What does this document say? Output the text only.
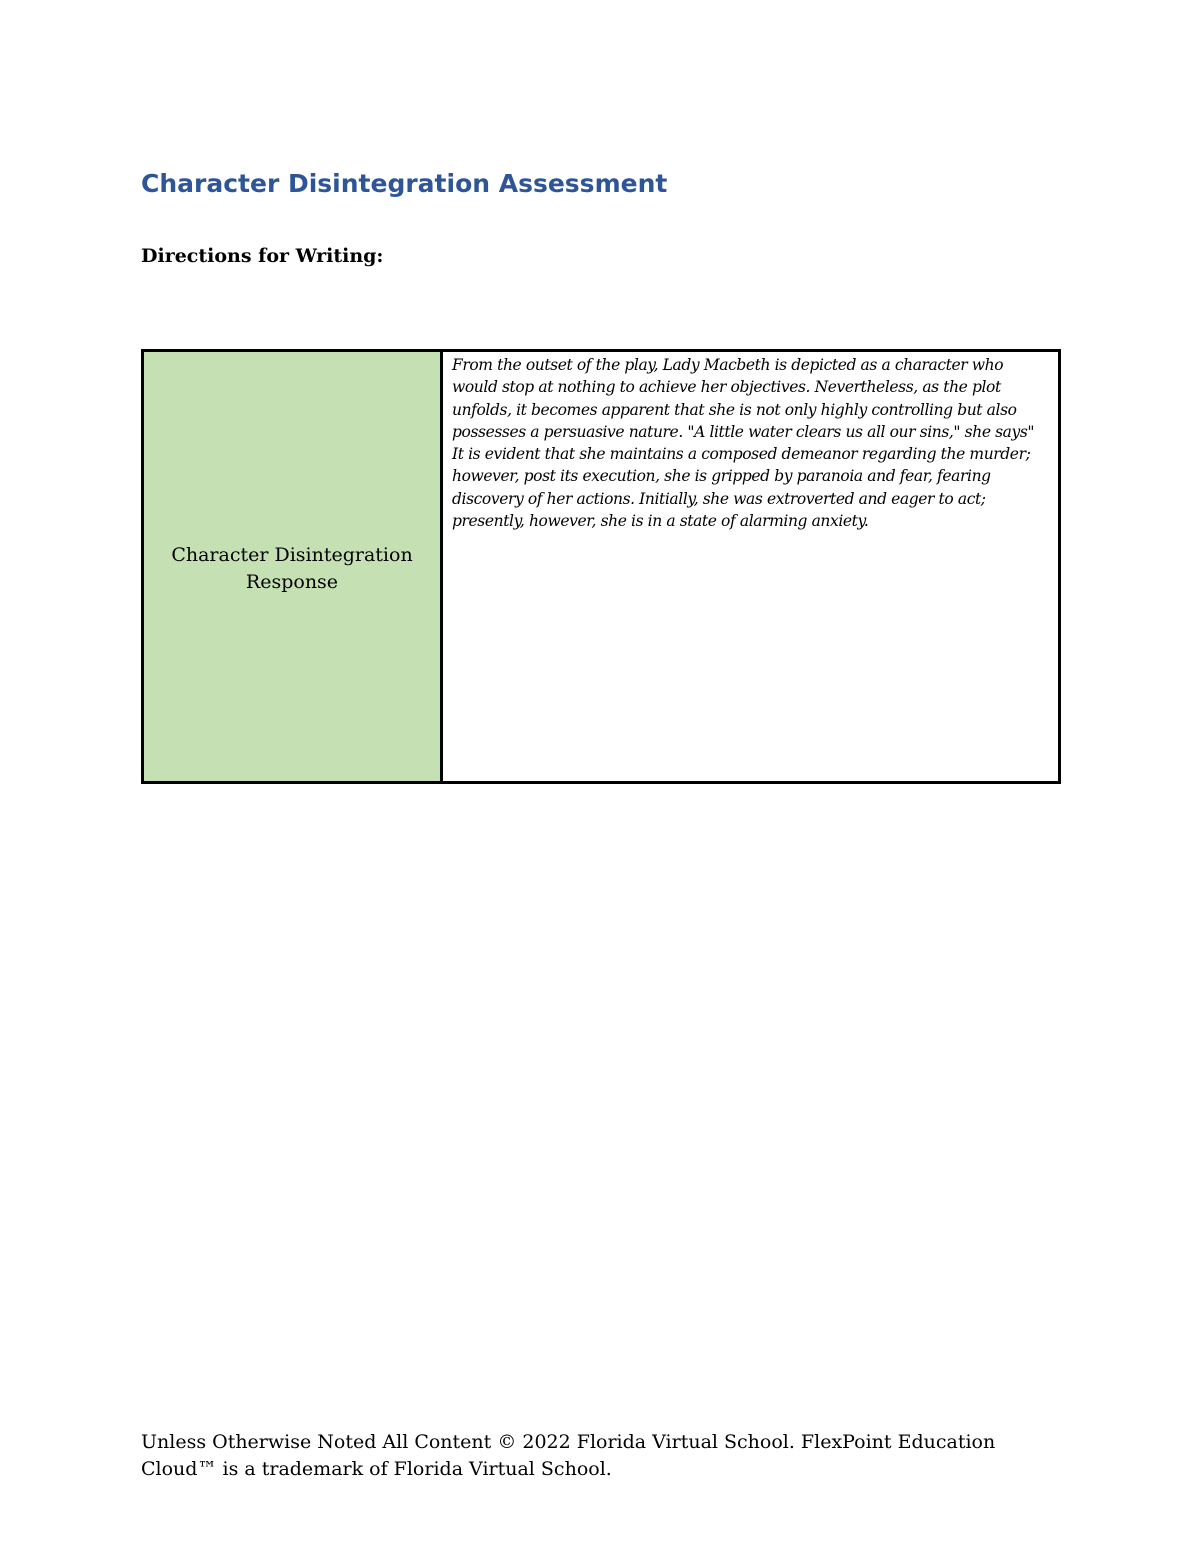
Character Disintegration Assessment

Directions for Writing:

Character Disintegration Response

From the outset of the play, Lady Macbeth is depicted as a character who would stop at nothing to achieve her objectives. Nevertheless, as the plot unfolds, it becomes apparent that she is not only highly controlling but also possesses a persuasive nature. "A little water clears us all our sins," she says" It is evident that she maintains a composed demeanor regarding the murder; however, post its execution, she is gripped by paranoia and fear, fearing discovery of her actions. Initially, she was extroverted and eager to act; presently, however, she is in a state of alarming anxiety.

Unless Otherwise Noted All Content © 2022 Florida Virtual School. FlexPoint Education Cloud™ is a trademark of Florida Virtual School.
